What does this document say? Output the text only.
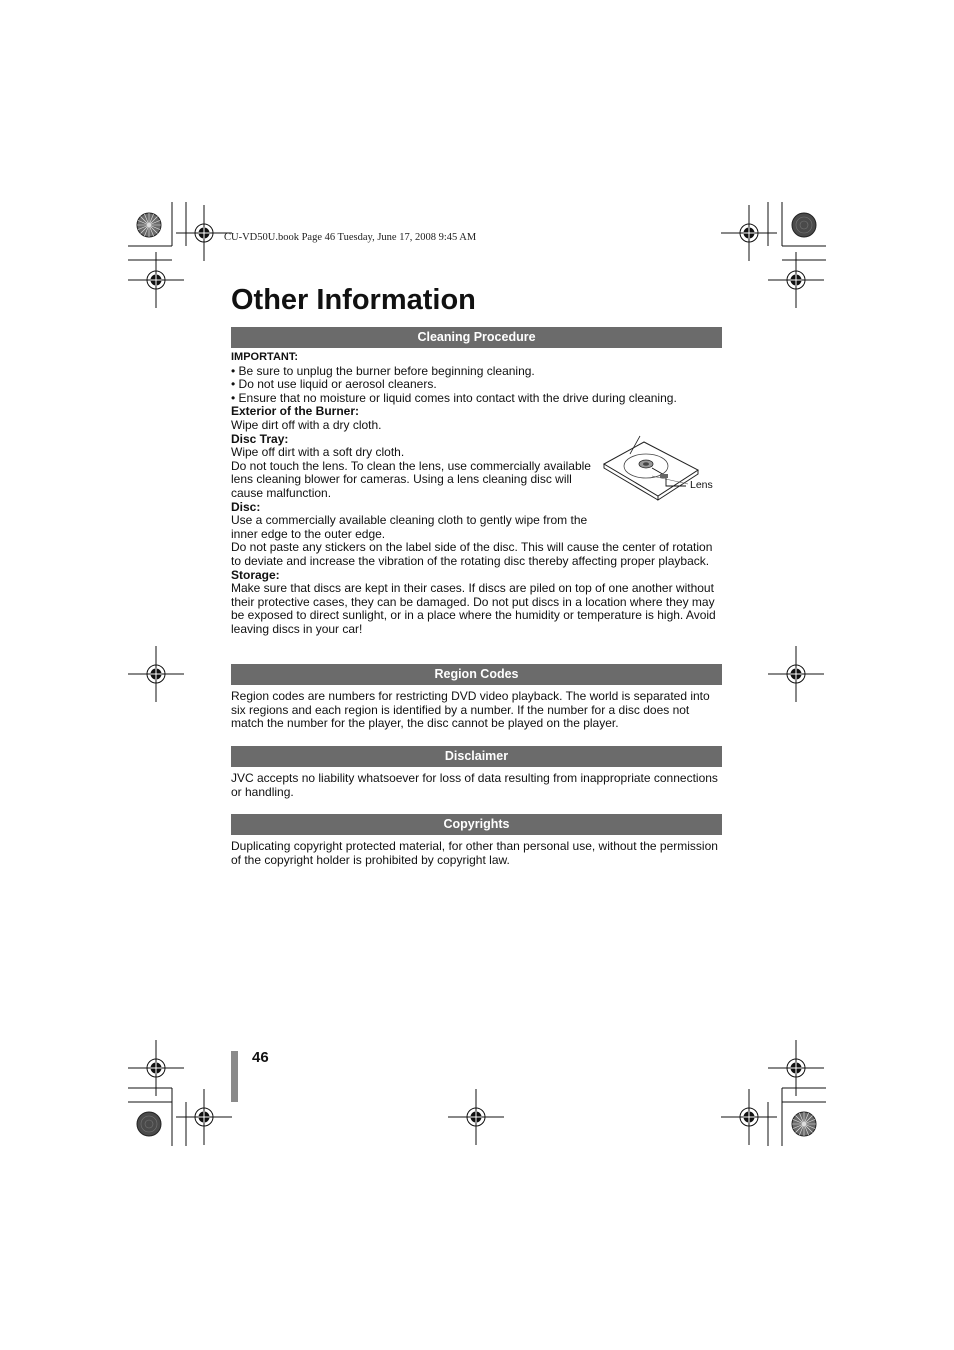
CU-VD50U.book Page 46 Tuesday, June 17, 2008 9:45 AM
Other Information
Cleaning Procedure

IMPORTANT:

• Be sure to unplug the burner before beginning cleaning.

• Do not use liquid or aerosol cleaners.

• Ensure that no moisture or liquid comes into contact with the drive during cleaning.

Exterior of the Burner:

Wipe dirt off with a dry cloth.

Disc Tray:

Wipe off dirt with a soft dry cloth.

Do not touch the lens. To clean the lens, use commercially available lens cleaning blower for cameras. Using a lens cleaning disc will cause malfunction.

Disc:

Use a commercially available cleaning cloth to gently wipe from the inner edge to the outer edge.

Do not paste any stickers on the label side of the disc. This will cause the center of rotation to deviate and increase the vibration of the rotating disc thereby affecting proper playback.

Storage:

Make sure that discs are kept in their cases. If discs are piled on top of one another without their protective cases, they can be damaged. Do not put discs in a location where they may be exposed to direct sunlight, or in a place where the humidity or temperature is high. Avoid leaving discs in your car!

Lens
Region Codes
Region codes are numbers for restricting DVD video playback. The world is separated into six regions and each region is identified by a number. If the number for a disc does not match the number for the player, the disc cannot be played on the player.
Disclaimer
JVC accepts no liability whatsoever for loss of data resulting from inappropriate connections or handling.
Copyrights
Duplicating copyright protected material, for other than personal use, without the permission of the copyright holder is prohibited by copyright law.
46
